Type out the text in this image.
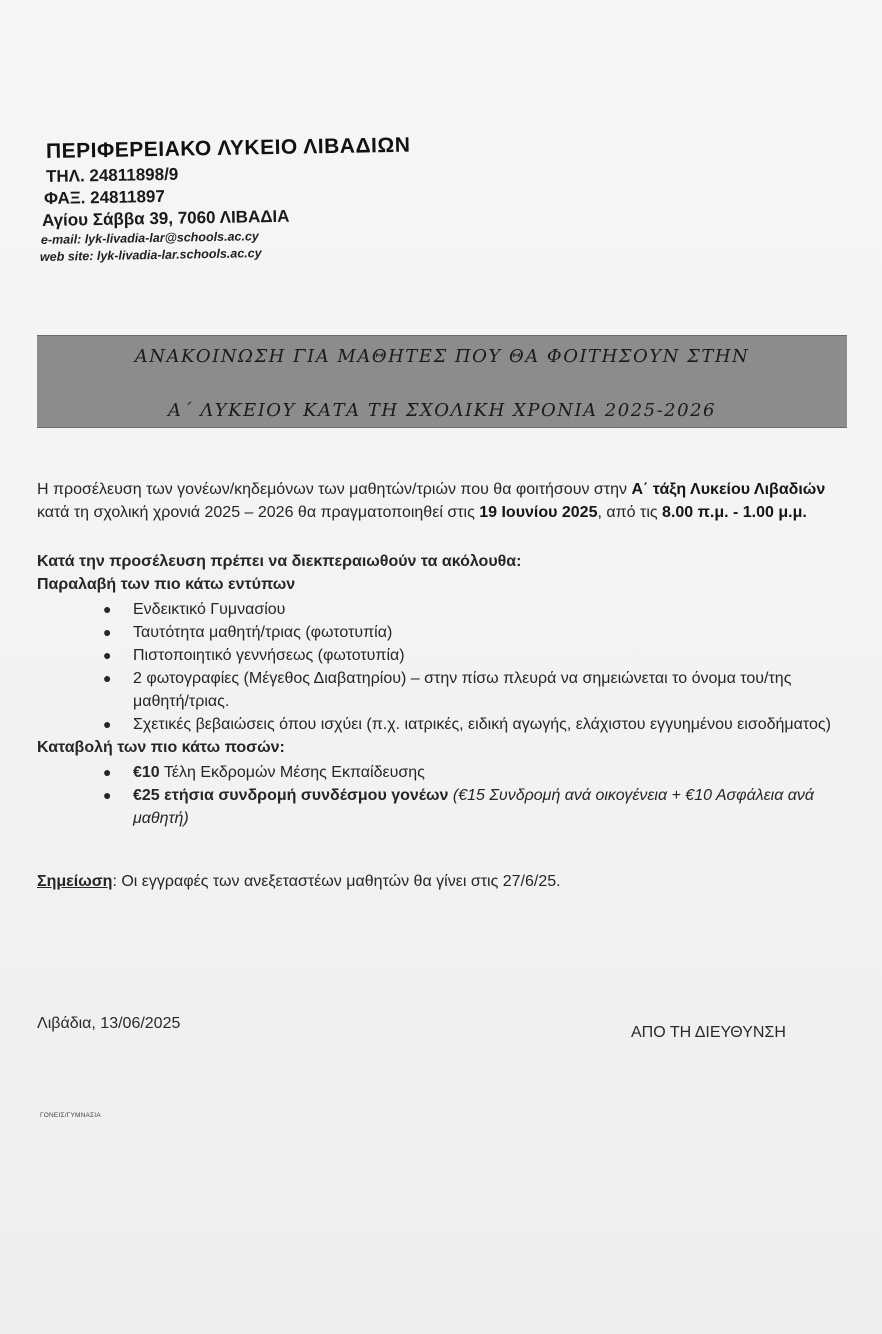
ΠΕΡΙΦΕΡΕΙΑΚΟ ΛΥΚΕΙΟ ΛΙΒΑΔΙΩΝ
ΤΗΛ. 24811898/9
ΦΑΞ. 24811897
Αγίου Σάββα 39, 7060 ΛΙΒΑΔΙΑ
e-mail: lyk-livadia-lar@schools.ac.cy
web site: lyk-livadia-lar.schools.ac.cy
ΑΝΑΚΟΙΝΩΣΗ ΓΙΑ ΜΑΘΗΤΕΣ ΠΟΥ ΘΑ ΦΟΙΤΗΣΟΥΝ ΣΤΗΝ
Α΄ ΛΥΚΕΙΟΥ ΚΑΤΑ ΤΗ ΣΧΟΛΙΚΗ ΧΡΟΝΙΑ 2025-2026

Η προσέλευση των γονέων/κηδεμόνων των μαθητών/τριών που θα φοιτήσουν στην Α΄ τάξη Λυκείου Λιβαδιών κατά τη σχολική χρονιά 2025 – 2026 θα πραγματοποιηθεί στις 19 Ιουνίου 2025, από τις 8.00 π.μ. - 1.00 μ.μ.

Κατά την προσέλευση πρέπει να διεκπεραιωθούν τα ακόλουθα:
Παραλαβή των πιο κάτω εντύπων
● Ενδεικτικό Γυμνασίου
● Ταυτότητα μαθητή/τριας (φωτοτυπία)
● Πιστοποιητικό γεννήσεως (φωτοτυπία)
● 2 φωτογραφίες (Μέγεθος Διαβατηρίου) – στην πίσω πλευρά να σημειώνεται το όνομα του/της μαθητή/τριας.
● Σχετικές βεβαιώσεις όπου ισχύει (π.χ. ιατρικές, ειδική αγωγής, ελάχιστου εγγυημένου εισοδήματος)
Καταβολή των πιο κάτω ποσών:
● €10 Τέλη Εκδρομών Μέσης Εκπαίδευσης
● €25 ετήσια συνδρομή συνδέσμου γονέων (€15 Συνδρομή ανά οικογένεια + €10 Ασφάλεια ανά μαθητή)
Σημείωση: Οι εγγραφές των ανεξεταστέων μαθητών θα γίνει στις 27/6/25.
Λιβάδια, 13/06/2025
ΑΠΟ ΤΗ ΔΙΕΥΘΥΝΣΗ
ΓΟΝΕΙΣ/ΓΥΜΝΑΣΙΑ
